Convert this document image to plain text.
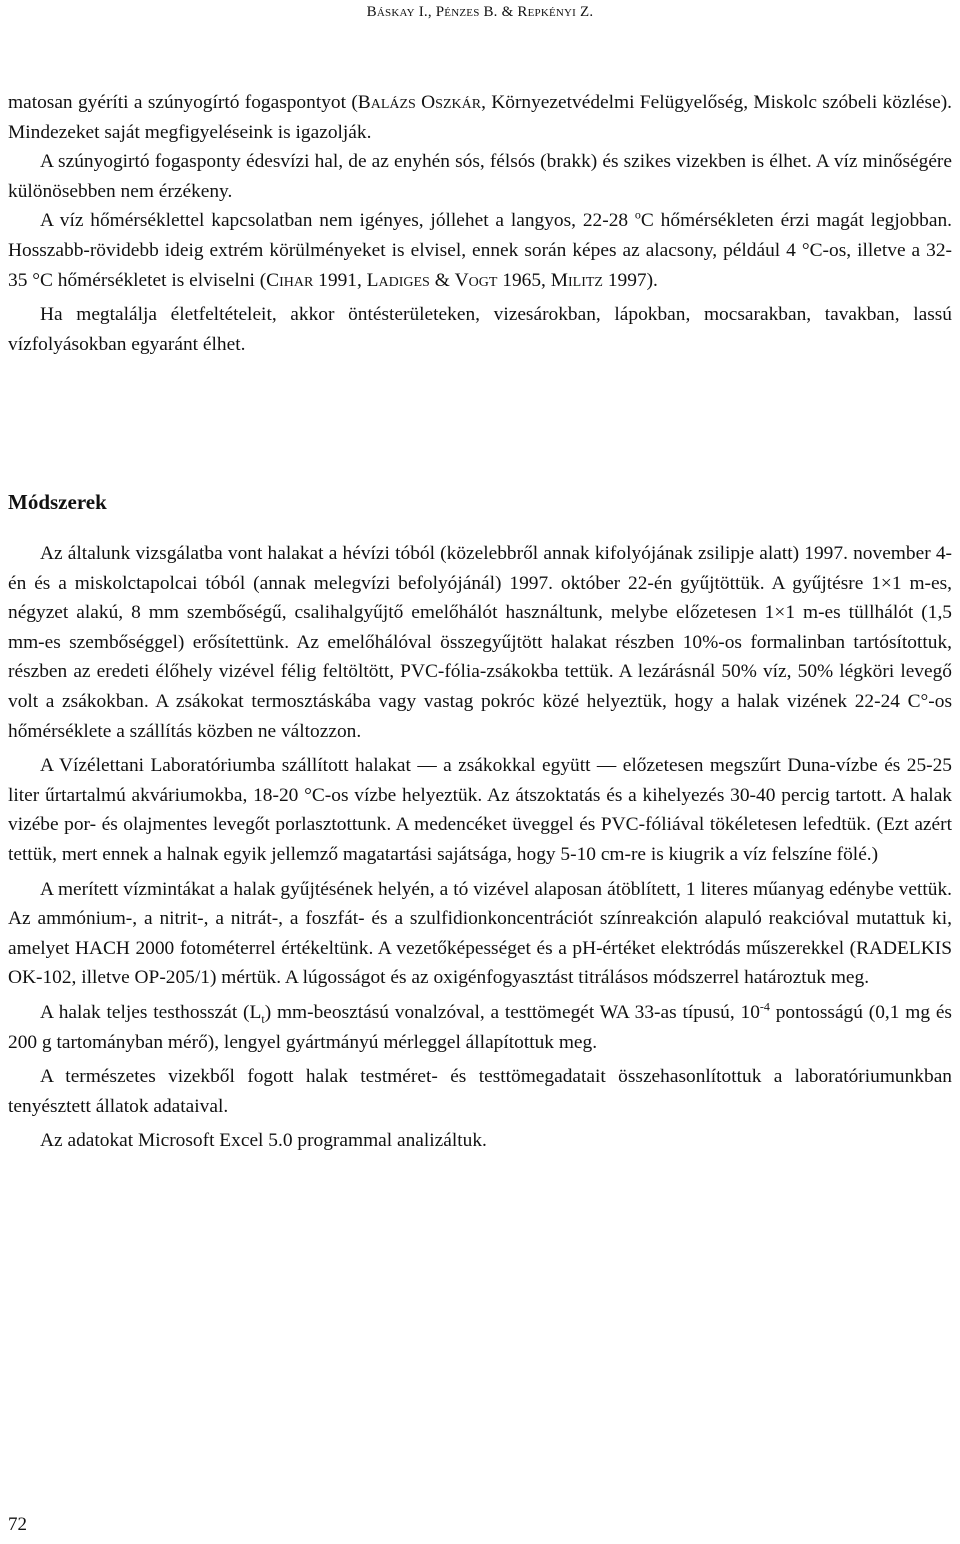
Báskay I., Pénzes B. & Repkényi Z.

matosan gyéríti a szúnyogírtó fogaspontyot (Balázs Oszkár, Környezetvédelmi Felügyelőség, Miskolc szóbeli közlése). Mindezeket saját megfigyeléseink is igazolják.

A szúnyogirtó fogasponty édesvízi hal, de az enyhén sós, félsós (brakk) és szikes vizekben is élhet. A víz minőségére különösebben nem érzékeny.

A víz hőmérséklettel kapcsolatban nem igényes, jóllehet a langyos, 22-28 $^o$C hőmérsékleten érzi magát legjobban. Hosszabb-rövidebb ideig extrém körülményeket is elvisel, ennek során képes az alacsony, például 4 °C-os, illetve a 32-35 °C hőmérsékletet is elviselni (Cihar 1991, Ladiges & Vogt 1965, Militz 1997).

Ha megtalálja életfeltételeit, akkor öntésterületeken, vizesárokban, lápokban, mocsarakban, tavakban, lassú vízfolyásokban egyaránt élhet.

Módszerek

Az általunk vizsgálatba vont halakat a hévízi tóból (közelebbről annak kifolyójának zsilipje alatt) 1997. november 4-én és a miskolctapolcai tóból (annak melegvízi befolyójánál) 1997. október 22-én gyűjtöttük. A gyűjtésre 1×1 m-es, négyzet alakú, 8 mm szembőségű, csalihalgyűjtő emelőhálót használtunk, melybe előzetesen 1×1 m-es tüllhálót (1,5 mm-es szembőséggel) erősítettünk. Az emelőhálóval összegyűjtött halakat részben 10%-os formalinban tartósítottuk, részben az eredeti élőhely vizével félig feltöltött, PVC-fólia-zsákokba tettük. A lezárásnál 50% víz, 50% légköri levegő volt a zsákokban. A zsákokat termosztáskába vagy vastag pokróc közé helyeztük, hogy a halak vizének 22-24 C°-os hőmérséklete a szállítás közben ne változzon.

A Vízélettani Laboratóriumba szállított halakat ― a zsákokkal együtt ― előzetesen megszűrt Duna-vízbe és 25-25 liter űrtartalmú akváriumokba, 18-20 °C-os vízbe helyeztük. Az átszoktatás és a kihelyezés 30-40 percig tartott. A halak vizébe por- és olajmentes levegőt porlasztottunk. A medencéket üveggel és PVC-fóliával tökéletesen lefedtük. (Ezt azért tettük, mert ennek a halnak egyik jellemző magatartási sajátsága, hogy 5-10 cm-re is kiugrik a víz felszíne fölé.)

A merített vízmintákat a halak gyűjtésének helyén, a tó vizével alaposan átöblített, 1 literes műanyag edénybe vettük. Az ammónium-, a nitrit-, a nitrát-, a foszfát- és a szulfidionkoncentrációt színreakción alapuló reakcióval mutattuk ki, amelyet HACH 2000 fotométerrel értékeltünk. A vezetőképességet és a pH-értéket elektródás műszerekkel (RADELKIS OK-102, illetve OP-205/1) mértük. A lúgosságot és az oxigénfogyasztást titrálásos módszerrel határoztuk meg.

A halak teljes testhosszát $(L_t)$ mm-beosztású vonalzóval, a testtömegét WA 33-as típusú, $10^{-4}$ pontosságú (0,1 mg és 200 g tartományban mérő), lengyel gyártmányú mérleggel állapítottuk meg.

A természetes vizekből fogott halak testméret- és testtömegadatait összehasonlítottuk a laboratóriumunkban tenyésztett állatok adataival.

Az adatokat Microsoft Excel 5.0 programmal analizáltuk.

72
